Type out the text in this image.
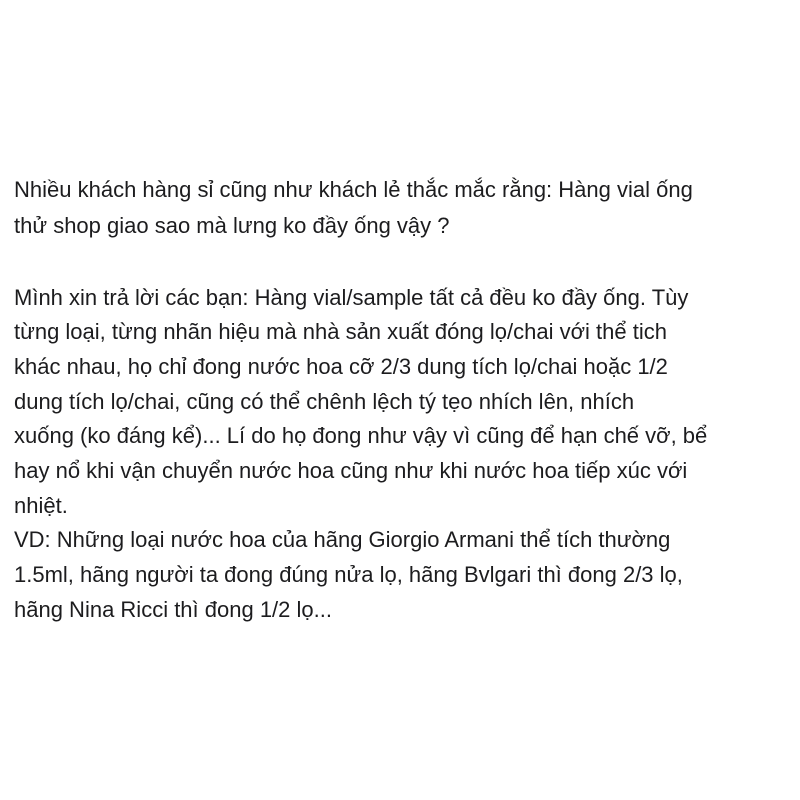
Nhiều khách hàng sỉ cũng như khách lẻ thắc mắc rằng: Hàng vial ống
thử shop giao sao mà lưng ko đầy ống vậy ?
Mình xin trả lời các bạn: Hàng vial/sample tất cả đều ko đầy ống. Tùy
từng loại, từng nhãn hiệu mà nhà sản xuất đóng lọ/chai với thể tich
khác nhau, họ chỉ đong nước hoa cỡ 2/3 dung tích lọ/chai hoặc 1/2
dung tích lọ/chai, cũng có thể chênh lệch tý tẹo nhích lên, nhích
xuống (ko đáng kể)... Lí do họ đong như vậy vì cũng để hạn chế vỡ, bể
hay nổ khi vận chuyển nước hoa cũng như khi nước hoa tiếp xúc với
nhiệt.
VD: Những loại nước hoa của hãng Giorgio Armani thể tích thường
1.5ml, hãng người ta đong đúng nửa lọ, hãng Bvlgari thì đong 2/3 lọ,
hãng Nina Ricci thì đong 1/2 lọ...
